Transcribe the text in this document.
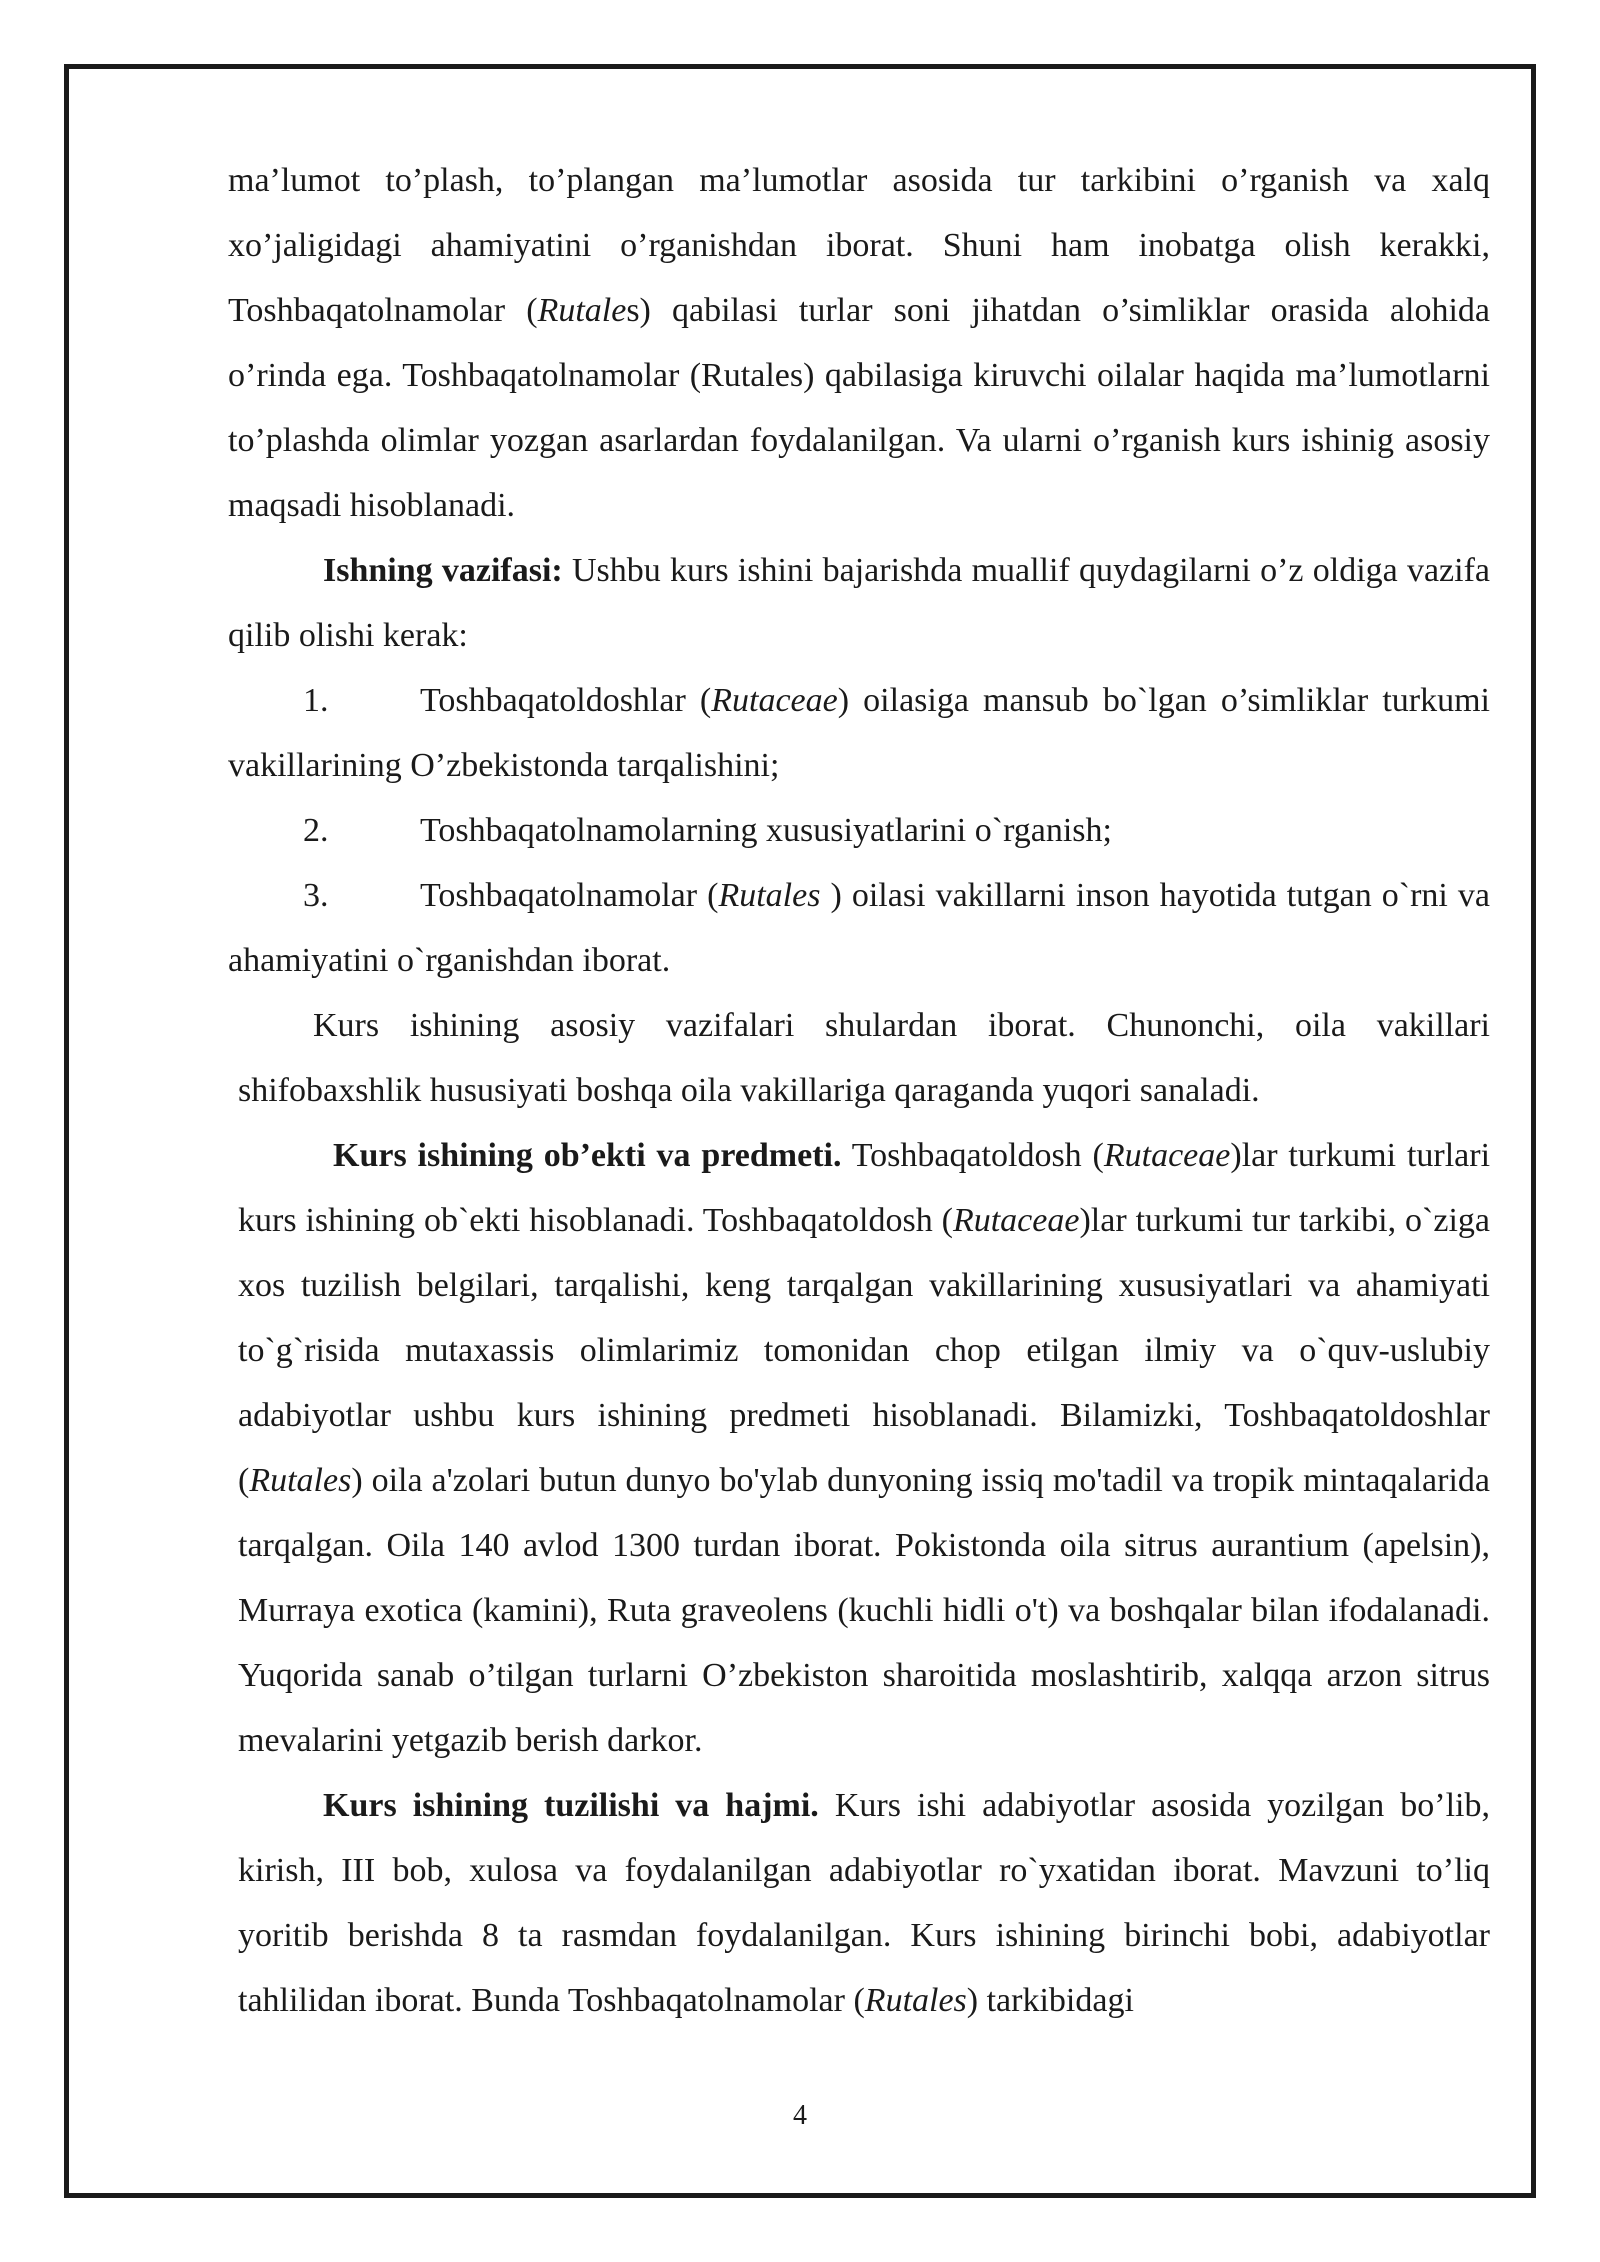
ma’lumot to’plash, to’plangan ma’lumotlar asosida tur tarkibini o’rganish va xalq xo’jaligidagi ahamiyatini o’rganishdan iborat. Shuni ham inobatga olish kerakki, Toshbaqatolnamolar (Rutales) qabilasi turlar soni jihatdan o’simliklar orasida alohida o’rinda ega. Toshbaqatolnamolar (Rutales) qabilasiga kiruvchi oilalar haqida ma’lumotlarni to’plashda olimlar yozgan asarlardan foydalanilgan. Va ularni o’rganish kurs ishinig asosiy maqsadi hisoblanadi.

Ishning vazifasi: Ushbu kurs ishini bajarishda muallif quydagilarni o’z oldiga vazifa qilib olishi kerak:

1.	Toshbaqatoldoshlar (Rutaceae) oilasiga mansub bo`lgan o’simliklar turkumi vakillarining O’zbekistonda tarqalishini;

2.	Toshbaqatolnamolarning xususiyatlarini o`rganish;

3.	Toshbaqatolnamolar (Rutales ) oilasi vakillarni inson hayotida tutgan o`rni va ahamiyatini o`rganishdan iborat.

Kurs ishining asosiy vazifalari shulardan iborat. Chunonchi, oila vakillari shifobaxshlik hususiyati boshqa oila vakillariga qaraganda yuqori sanaladi.

Kurs ishining ob’ekti va predmeti. Toshbaqatoldosh (Rutaceae)lar turkumi turlari kurs ishining ob`ekti hisoblanadi. Toshbaqatoldosh (Rutaceae)lar turkumi tur tarkibi, o`ziga xos tuzilish belgilari, tarqalishi, keng tarqalgan vakillarining xususiyatlari va ahamiyati to`g`risida mutaxassis olimlarimiz tomonidan chop etilgan ilmiy va o`quv-uslubiy adabiyotlar ushbu kurs ishining predmeti hisoblanadi. Bilamizki, Toshbaqatoldoshlar (Rutales) oila a'zolari butun dunyo bo'ylab dunyoning issiq mo'tadil va tropik mintaqalarida tarqalgan. Oila 140 avlod 1300 turdan iborat. Pokistonda oila sitrus aurantium (apelsin), Murraya exotica (kamini), Ruta graveolens (kuchli hidli o't) va boshqalar bilan ifodalanadi. Yuqorida sanab o’tilgan turlarni O’zbekiston sharoitida moslashtirib, xalqqa arzon sitrus mevalarini yetgazib berish darkor.

Kurs ishining tuzilishi va hajmi. Kurs ishi adabiyotlar asosida yozilgan bo’lib, kirish, III bob, xulosa va foydalanilgan adabiyotlar ro`yxatidan iborat. Mavzuni to’liq yoritib berishda 8 ta rasmdan foydalanilgan. Kurs ishining birinchi bobi, adabiyotlar tahlilidan iborat. Bunda Toshbaqatolnamolar (Rutales) tarkibidagi

4
